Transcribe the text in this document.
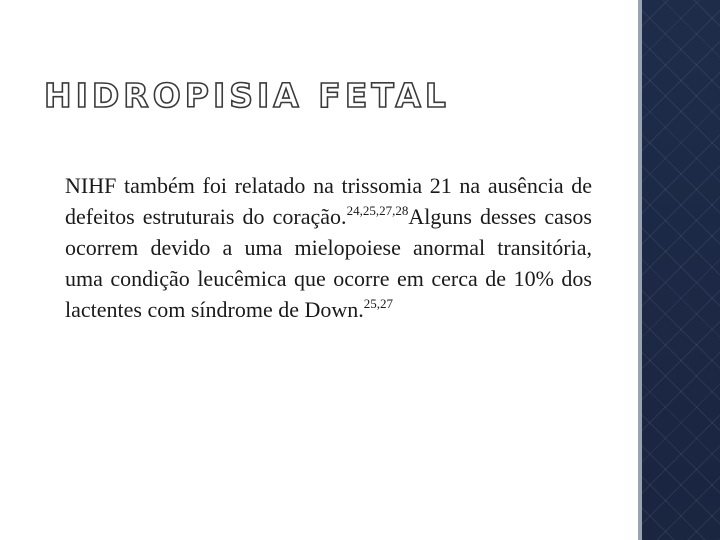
HIDROPISIA FETAL

NIHF também foi relatado na trissomia 21 na ausência de defeitos estruturais do coração.$^{24,25,27,28}$Alguns desses casos ocorrem devido a uma mielopoiese anormal transitória, uma condição leucêmica que ocorre em cerca de 10% dos lactentes com síndrome de Down.$^{25,27}$
